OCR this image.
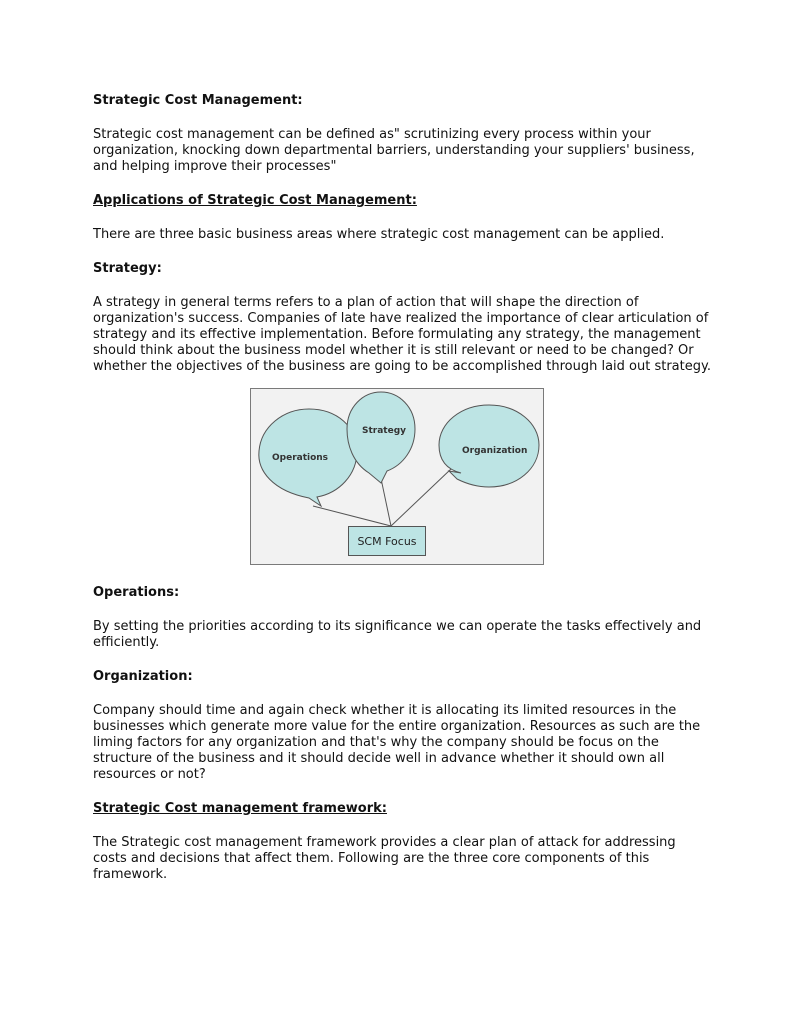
Strategic Cost Management:

Strategic cost management can be defined as" scrutinizing every process within your organization, knocking down departmental barriers, understanding your suppliers' business, and helping improve their processes"

Applications of Strategic Cost Management:

There are three basic business areas where strategic cost management can be applied.

Strategy:

A strategy in general terms refers to a plan of action that will shape the direction of organization's success. Companies of late have realized the importance of clear articulation of strategy and its effective implementation. Before formulating any strategy, the management should think about the business model whether it is still relevant or need to be changed? Or whether the objectives of the business are going to be accomplished through laid out strategy.

Operations
Strategy
Organization
SCM Focus

Operations:

By setting the priorities according to its significance we can operate the tasks effectively and efficiently.

Organization:

Company should time and again check whether it is allocating its limited resources in the businesses which generate more value for the entire organization. Resources as such are the liming factors for any organization and that's why the company should be focus on the structure of the business and it should decide well in advance whether it should own all resources or not?

Strategic Cost management framework:

The Strategic cost management framework provides a clear plan of attack for addressing costs and decisions that affect them. Following are the three core components of this framework.
